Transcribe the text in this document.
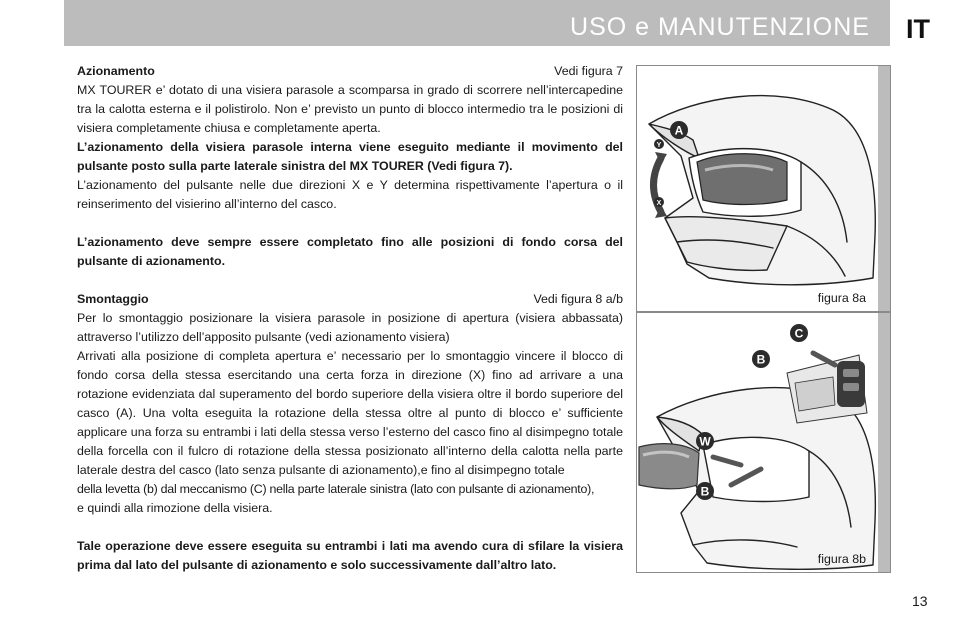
USO e MANUTENZIONE IT
Azionamento	Vedi figura 7

MX TOURER e’ dotato di una visiera parasole a scomparsa in grado di scorrere nell’intercapedine tra la calotta esterna e il polistirolo. Non e’ previsto un punto di blocco intermedio tra le posizioni di visiera completamente chiusa e completamente aperta.

L’azionamento della visiera parasole interna viene eseguito mediante il movimento del pulsante posto sulla parte laterale sinistra del MX TOURER (Vedi figura 7).

L’azionamento del pulsante nelle due direzioni X e Y determina rispettivamente l’apertura o il reinserimento del visierino all’interno del casco.

L’azionamento deve sempre essere completato fino alle posizioni di fondo corsa del pulsante di azionamento.

Smontaggio	Vedi figura 8 a/b

Per lo smontaggio posizionare la visiera parasole in posizione di apertura (visiera abbassata) attraverso l’utilizzo dell’apposito pulsante (vedi azionamento visiera)

Arrivati alla posizione di completa apertura e’ necessario per lo smontaggio vincere il blocco di fondo corsa della stessa esercitando una certa forza in direzione (X) fino ad arrivare a una rotazione evidenziata dal superamento del bordo superiore della visiera oltre il bordo superiore del casco (A). Una volta eseguita la rotazione della stessa oltre al punto di blocco e’ sufficiente applicare una forza su entrambi i lati della stessa verso l’esterno del casco fino al disimpegno totale della forcella con il fulcro di rotazione della stessa posizionato all’interno della calotta nella parte laterale destra del casco (lato senza pulsante di azionamento),e fino al disimpegno totale

della levetta (b) dal meccanismo (C) nella parte laterale sinistra (lato con pulsante di azionamento),

e quindi alla rimozione della visiera.

Tale operazione deve essere eseguita su entrambi i lati ma avendo cura di sfilare la visiera prima dal lato del pulsante di azionamento e solo successivamente dall’altro lato.

A
Y
X
figura 8a
C
B
W
B
figura 8b
13
